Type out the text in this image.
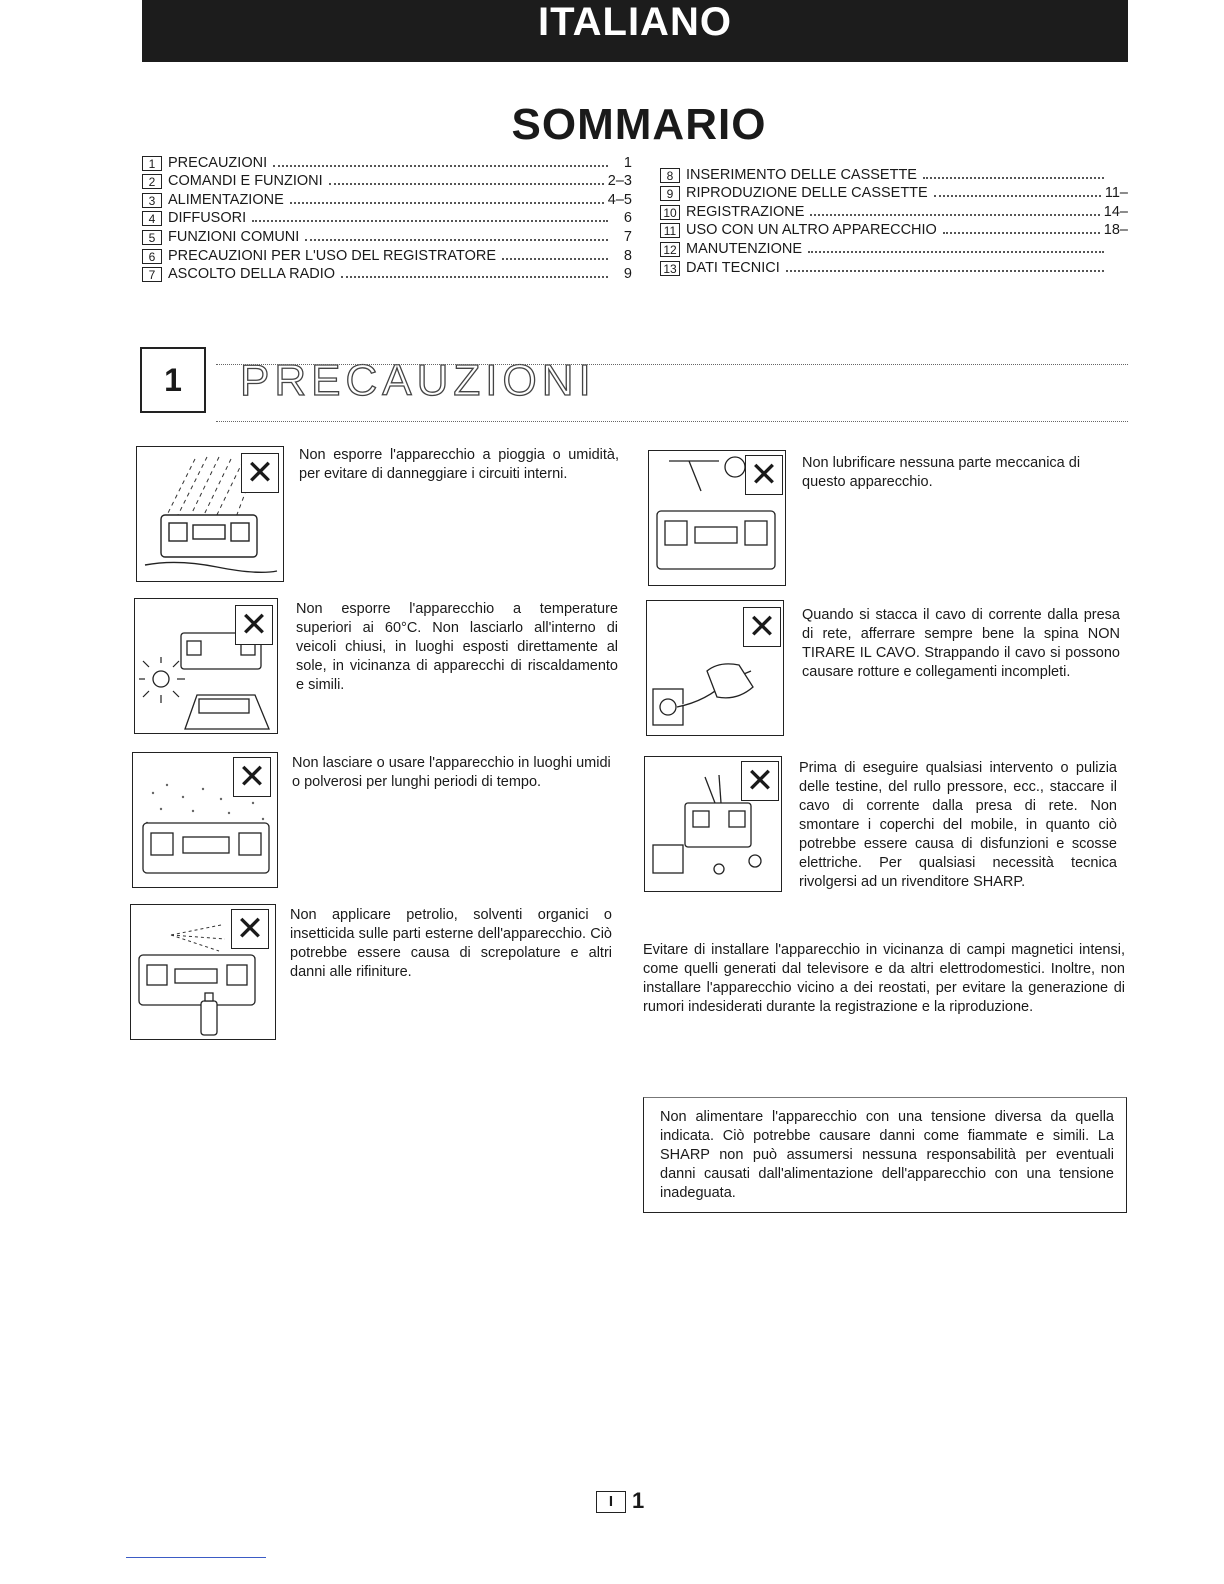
ITALIANO
SOMMARIO
1 PRECAUZIONI	1
2 COMANDI E FUNZIONI	2–3
3 ALIMENTAZIONE	4–5
4 DIFFUSORI	6
5 FUNZIONI COMUNI	7
6 PRECAUZIONI PER L'USO DEL REGISTRATORE	8
7 ASCOLTO DELLA RADIO	9
8 INSERIMENTO DELLE CASSETTE
9 RIPRODUZIONE DELLE CASSETTE	11–
10 REGISTRAZIONE	14–
11 USO CON UN ALTRO APPARECCHIO	18–
12 MANUTENZIONE
13 DATI TECNICI
1	PRECAUZIONI
✕	Non esporre l'apparecchio a pioggia o umidità, per evitare di danneggiare i circuiti interni.
✕	Non esporre l'apparecchio a temperature superiori ai 60°C. Non lasciarlo all'interno di veicoli chiusi, in luoghi esposti direttamente al sole, in vicinanza di apparecchi di riscaldamento e simili.
✕	Non lasciare o usare l'apparecchio in luoghi umidi o polverosi per lunghi periodi di tempo.
✕	Non applicare petrolio, solventi organici o insetticida sulle parti esterne dell'apparecchio. Ciò potrebbe essere causa di screpolature e altri danni alle rifiniture.
✕	Non lubrificare nessuna parte meccanica di questo apparecchio.
✕	Quando si stacca il cavo di corrente dalla presa di rete, afferrare sempre bene la spina NON TIRARE IL CAVO. Strappando il cavo si possono causare rotture e collegamenti incompleti.
✕	Prima di eseguire qualsiasi intervento o pulizia delle testine, del rullo pressore, ecc., staccare il cavo di corrente dalla presa di rete. Non smontare i coperchi del mobile, in quanto ciò potrebbe essere causa di disfunzioni e scosse elettriche. Per qualsiasi necessità tecnica rivolgersi ad un rivenditore SHARP.
Evitare di installare l'apparecchio in vicinanza di campi magnetici intensi, come quelli generati dal televisore e da altri elettrodomestici. Inoltre, non installare l'apparecchio vicino a dei reostati, per evitare la generazione di rumori indesiderati durante la registrazione e la riproduzione.
Non alimentare l'apparecchio con una tensione diversa da quella indicata. Ciò potrebbe causare danni come fiammate e simili. La SHARP non può assumersi nessuna responsabilità per eventuali danni causati dall'alimentazione dell'apparecchio con una tensione inadeguata.
I 1
